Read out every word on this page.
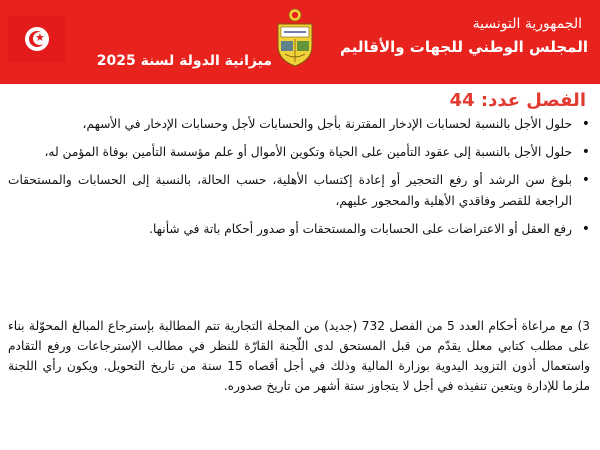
★
ميزانية الدولة لسنة 2025
الجمهورية التونسية
المجلس الوطني للجهات والأقاليم
الفصل عدد: 44
•
حلول الأجل بالنسبة لحسابات الإدخار المقترنة بأجل والحسابات لأجل وحسابات الإدخار في الأسهم،
•
حلول الأجل بالنسبة إلى عقود التأمين على الحياة وتكوين الأموال أو علم مؤسسة التأمين بوفاة المؤمن له،
•
بلوغ سن الرشد أو رفع التحجير أو إعادة إكتساب الأهلية، حسب الحالة، بالنسبة إلى الحسابات والمستحقات الراجعة للقصر وفاقدي الأهلية والمحجور عليهم،
•
رفع العقل أو الاعتراضات على الحسابات والمستحقات أو صدور أحكام باتة في شأنها.
3) مع مراعاة أحكام العدد 5 من الفصل 732 (جديد) من المجلة التجارية تتم المطالبة بإسترجاع المبالغ المحوّلة بناء على مطلب كتابي معلل يقدّم من قبل المستحق لدى اللّجنة القارّة للنظر في مطالب الإسترجاعات ورفع التقادم واستعمال أذون التزويد اليدوية بوزارة المالية وذلك في أجل أقصاه 15 سنة من تاريخ التحويل. ويكون رأي اللجنة ملزما للإدارة ويتعين تنفيذه في أجل لا يتجاوز ستة أشهر من تاريخ صدوره.
